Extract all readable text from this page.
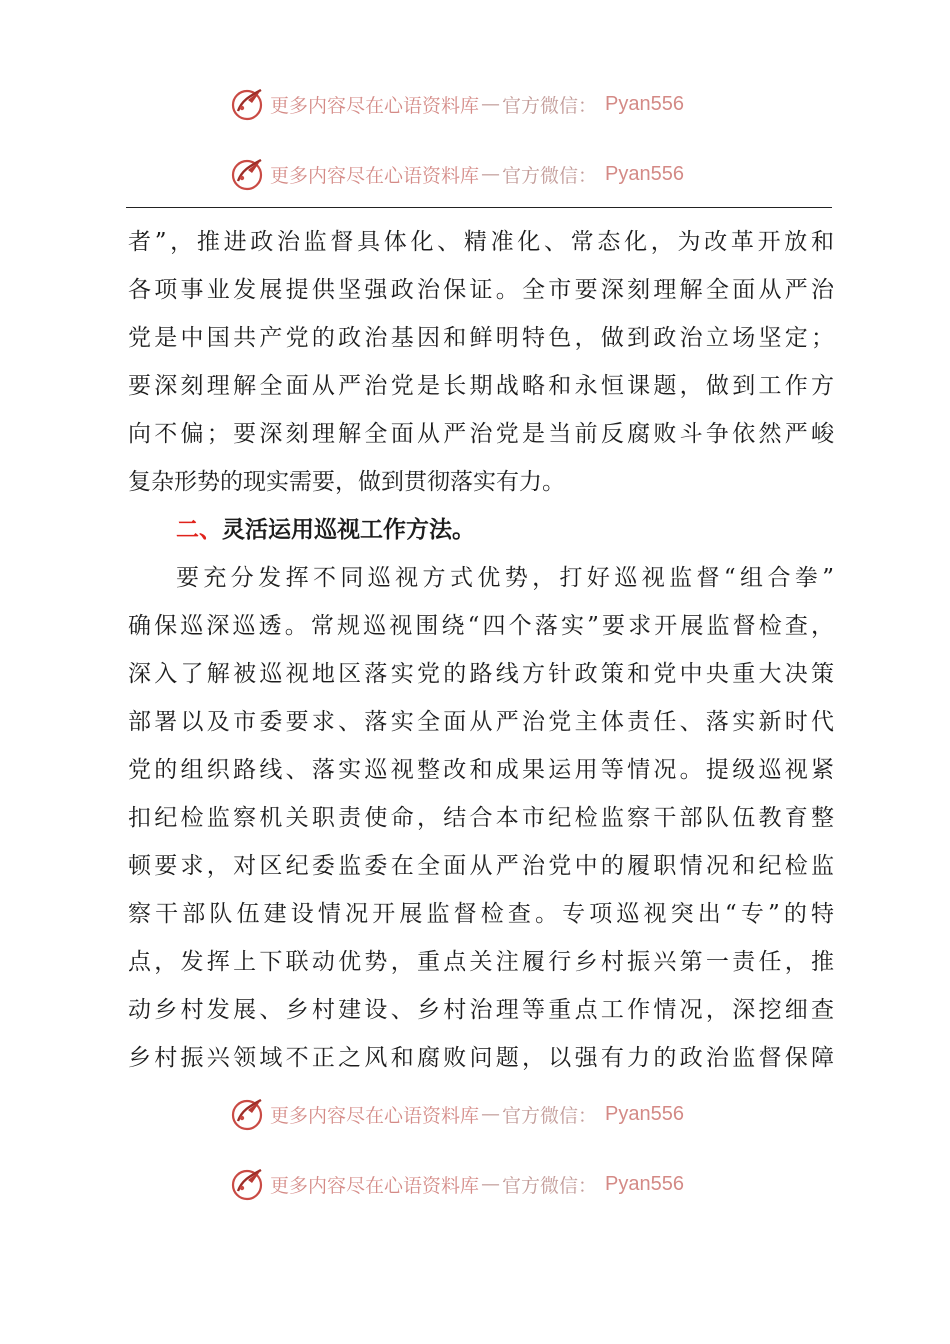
更多内容尽在心语资料库 — 官方微信 ： Pyan556
更多内容尽在心语资料库 — 官方微信 ： Pyan556
者”，推进政治监督具体化、精准化、常态化，为改革开放和
各项事业发展提供坚强政治保证。全市要深刻理解全面从严治
党是中国共产党的政治基因和鲜明特色，做到政治立场坚定；
要深刻理解全面从严治党是长期战略和永恒课题，做到工作方
向不偏；要深刻理解全面从严治党是当前反腐败斗争依然严峻
复杂形势的现实需要，做到贯彻落实有力。
二、灵活运用巡视工作方法。
要充分发挥不同巡视方式优势，打好巡视监督“组合拳”
确保巡深巡透。常规巡视围绕“四个落实”要求开展监督检查，
深入了解被巡视地区落实党的路线方针政策和党中央重大决策
部署以及市委要求、落实全面从严治党主体责任、落实新时代
党的组织路线、落实巡视整改和成果运用等情况。提级巡视紧
扣纪检监察机关职责使命，结合本市纪检监察干部队伍教育整
顿要求，对区纪委监委在全面从严治党中的履职情况和纪检监
察干部队伍建设情况开展监督检查。专项巡视突出“专”的特
点，发挥上下联动优势，重点关注履行乡村振兴第一责任，推
动乡村发展、乡村建设、乡村治理等重点工作情况，深挖细查
乡村振兴领域不正之风和腐败问题，以强有力的政治监督保障
更多内容尽在心语资料库 — 官方微信 ： Pyan556
更多内容尽在心语资料库 — 官方微信 ： Pyan556
